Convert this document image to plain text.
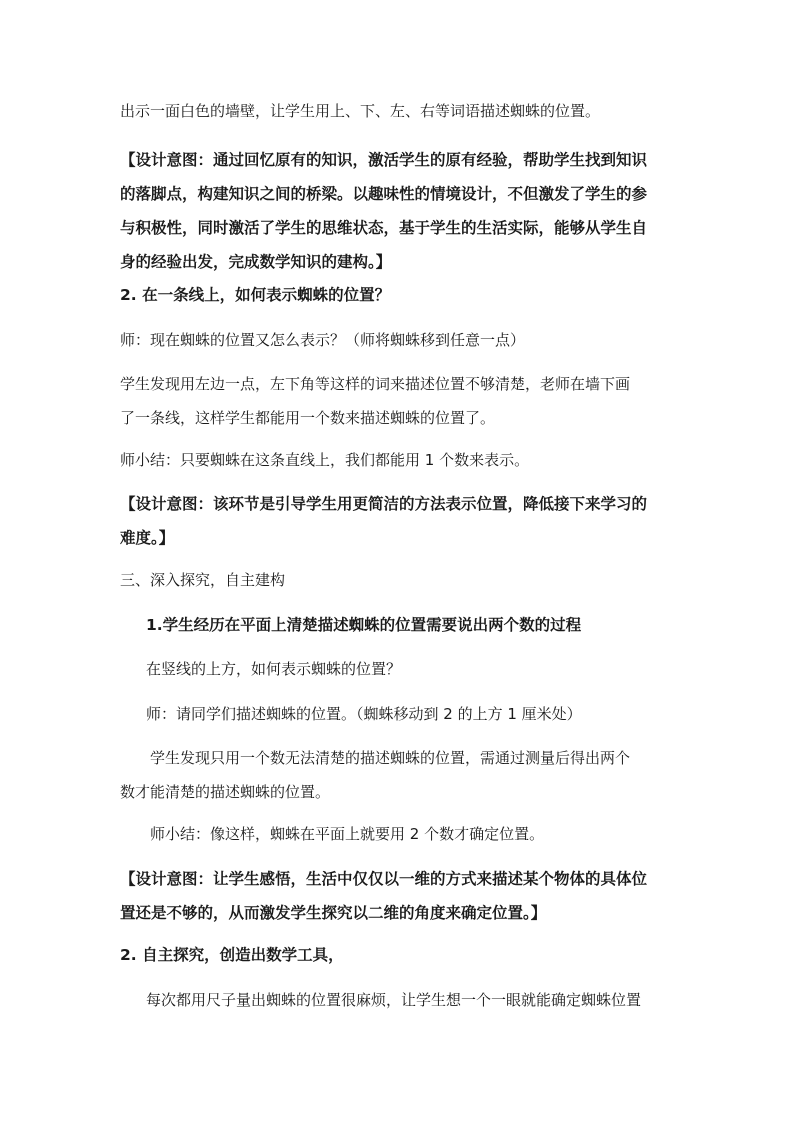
出示一面白色的墙壁，让学生用上、下、左、右等词语描述蜘蛛的位置。

【设计意图：通过回忆原有的知识，激活学生的原有经验，帮助学生找到知识
的落脚点，构建知识之间的桥梁。以趣味性的情境设计，不但激发了学生的参
与积极性，同时激活了学生的思维状态，基于学生的生活实际，能够从学生自
身的经验出发，完成数学知识的建构。】

2. 在一条线上，如何表示蜘蛛的位置？

师：现在蜘蛛的位置又怎么表示？（师将蜘蛛移到任意一点）

学生发现用左边一点，左下角等这样的词来描述位置不够清楚，老师在墙下画
了一条线，这样学生都能用一个数来描述蜘蛛的位置了。

师小结：只要蜘蛛在这条直线上，我们都能用 1 个数来表示。

【设计意图：该环节是引导学生用更简洁的方法表示位置，降低接下来学习的
难度。】

三、深入探究，自主建构

1.学生经历在平面上清楚描述蜘蛛的位置需要说出两个数的过程

在竖线的上方，如何表示蜘蛛的位置？

师：请同学们描述蜘蛛的位置。（蜘蛛移动到 2 的上方 1 厘米处）

学生发现只用一个数无法清楚的描述蜘蛛的位置，需通过测量后得出两个
数才能清楚的描述蜘蛛的位置。

师小结：像这样，蜘蛛在平面上就要用 2 个数才确定位置。

【设计意图：让学生感悟，生活中仅仅以一维的方式来描述某个物体的具体位
置还是不够的，从而激发学生探究以二维的角度来确定位置。】

2. 自主探究，创造出数学工具，

每次都用尺子量出蜘蛛的位置很麻烦，让学生想一个一眼就能确定蜘蛛位置
